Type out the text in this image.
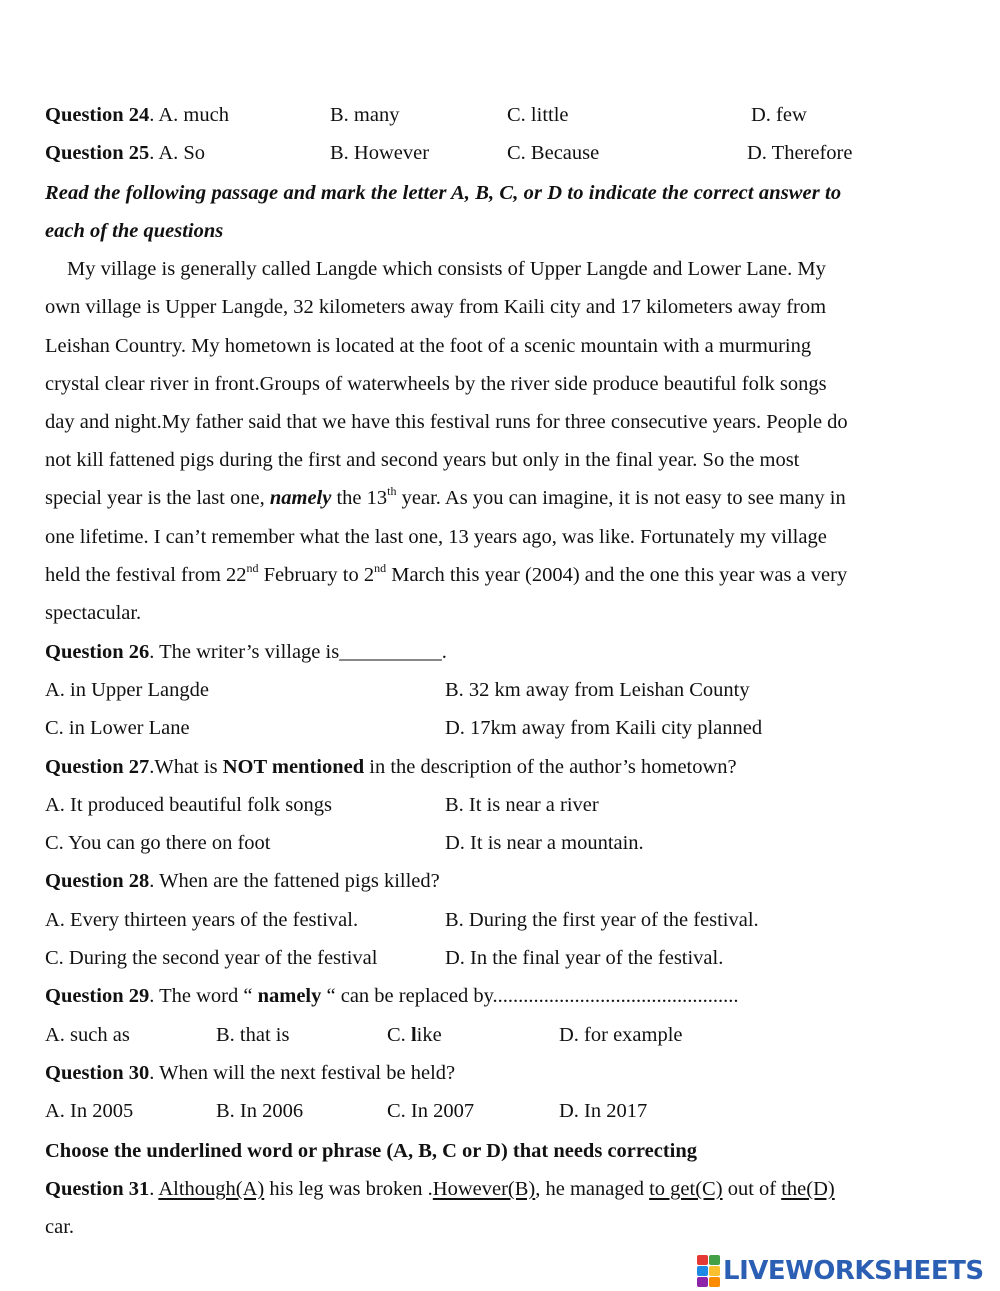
Question 24. A. much	B. many	C. little	D. few
Question 25. A. So	B. However	C. Because	D. Therefore
Read the following passage and mark the letter A, B, C, or D to indicate the correct answer to
each of the questions
My village is generally called Langde which consists of Upper Langde and Lower Lane. My
own village is Upper Langde, 32 kilometers away from Kaili city and 17 kilometers away from
Leishan Country. My hometown is located at the foot of a scenic mountain with a murmuring
crystal clear river in front.Groups of waterwheels by the river side produce beautiful folk songs
day and night.My father said that we have this festival runs for three consecutive years. People do
not kill fattened pigs during the first and second years but only in the final year. So the most
special year is the last one, namely the 13th year. As you can imagine, it is not easy to see many in
one lifetime. I can’t remember what the last one, 13 years ago, was like. Fortunately my village
held the festival from 22nd February to 2nd March this year (2004) and the one this year was a very
spectacular.
Question 26. The writer’s village is__________.
A. in Upper Langde	B. 32 km away from Leishan County
C. in Lower Lane	D. 17km away from Kaili city planned
Question 27.What is NOT mentioned in the description of the author’s hometown?
A. It produced beautiful folk songs	B. It is near a river
C. You can go there on foot	D. It is near a mountain.
Question 28. When are the fattened pigs killed?
A. Every thirteen years of the festival.	B. During the first year of the festival.
C. During the second year of the festival	D. In the final year of the festival.
Question 29. The word “ namely “ can be replaced by................................................
A. such as	B. that is	C. like	D. for example
Question 30. When will the next festival be held?
A. In 2005	B. In 2006	C. In 2007	D. In 2017
Choose the underlined word or phrase (A, B, C or D) that needs correcting
Question 31. Although(A) his leg was broken .However(B), he managed to get(C) out of the(D)
car.
LIVEWORKSHEETS
